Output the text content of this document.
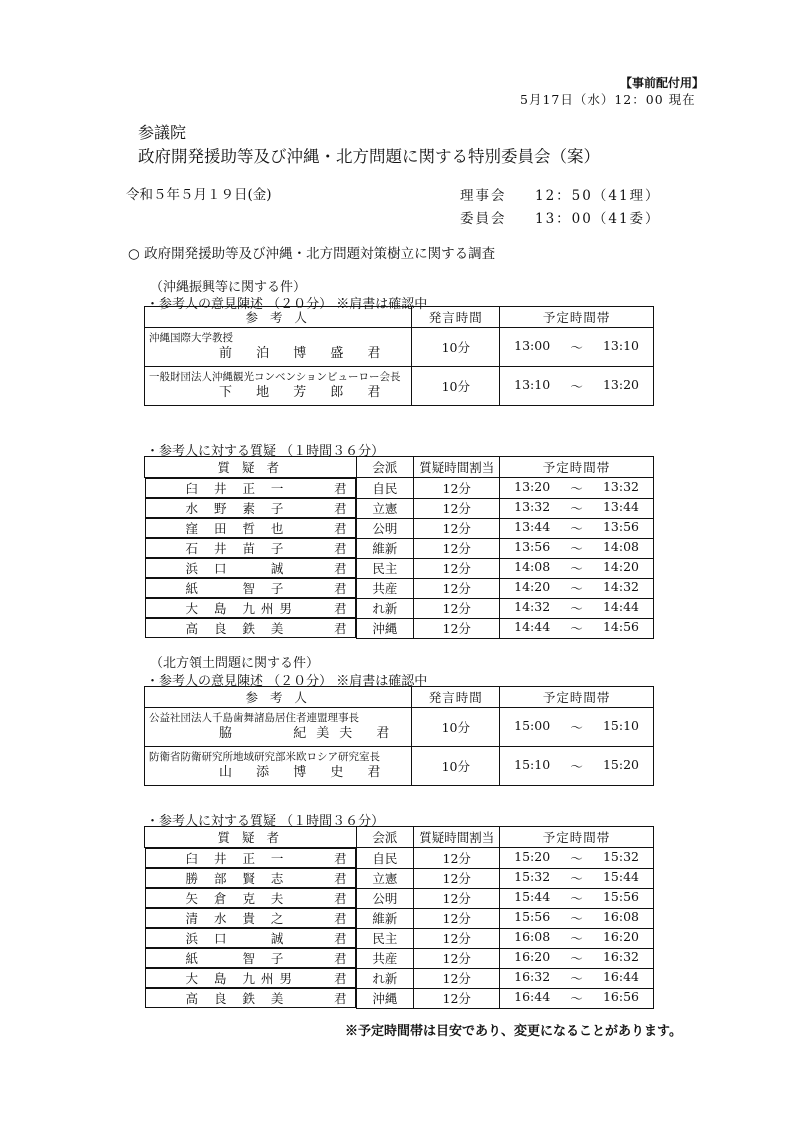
【事前配付用】
5月17日（水）12：00 現在
参議院
政府開発援助等及び沖縄・北方問題に関する特別委員会（案）
令和５年５月１９日(金)	理事会 12：50（41理）
委員会 13：00（41委）
○ 政府開発援助等及び沖縄・北方問題対策樹立に関する調査
（沖縄振興等に関する件）
・参考人の意見陳述 （２０分） ※肩書は確認中
参 考 人	発言時間	予定時間帯

沖縄国際大学教授
前 泊 博 盛 君	10分	13:00 ～ 13:10

一般財団法人沖縄観光コンベンションビューロー会長
下 地 芳 郎 君	10分	13:10 ～ 13:20
・参考人に対する質疑 （１時間３６分）
質 疑 者	会派	質疑時間割当	予定時間帯

臼 井 正 一	君 自民	12分	13:20 ～ 13:32

水 野 素 子	君 立憲	12分	13:32 ～ 13:44

窪 田 哲 也	君 公明	12分	13:44 ～ 13:56

石 井 苗 子	君 維新	12分	13:56 ～ 14:08

浜 口 　 誠	君 民主	12分	14:08 ～ 14:20

紙 　 智 子	君 共産	12分	14:20 ～ 14:32

大 島 九州男	君 れ新	12分	14:32 ～ 14:44

高 良 鉄 美	君 沖縄	12分	14:44 ～ 14:56
（北方領土問題に関する件）
・参考人の意見陳述 （２０分） ※肩書は確認中
参 考 人	発言時間	予定時間帯

公益社団法人千島歯舞諸島居住者連盟理事長
脇 　 紀美夫 君	10分	15:00 ～ 15:10

防衛省防衛研究所地域研究部米欧ロシア研究室長
山 添 博 史 君	10分	15:10 ～ 15:20
・参考人に対する質疑 （１時間３６分）
質 疑 者	会派	質疑時間割当	予定時間帯

臼 井 正 一	君 自民	12分	15:20 ～ 15:32

勝 部 賢 志	君 立憲	12分	15:32 ～ 15:44

矢 倉 克 夫	君 公明	12分	15:44 ～ 15:56

清 水 貴 之	君 維新	12分	15:56 ～ 16:08

浜 口 　 誠	君 民主	12分	16:08 ～ 16:20

紙 　 智 子	君 共産	12分	16:20 ～ 16:32

大 島 九州男	君 れ新	12分	16:32 ～ 16:44

高 良 鉄 美	君 沖縄	12分	16:44 ～ 16:56
※予定時間帯は目安であり、変更になることがあります。
